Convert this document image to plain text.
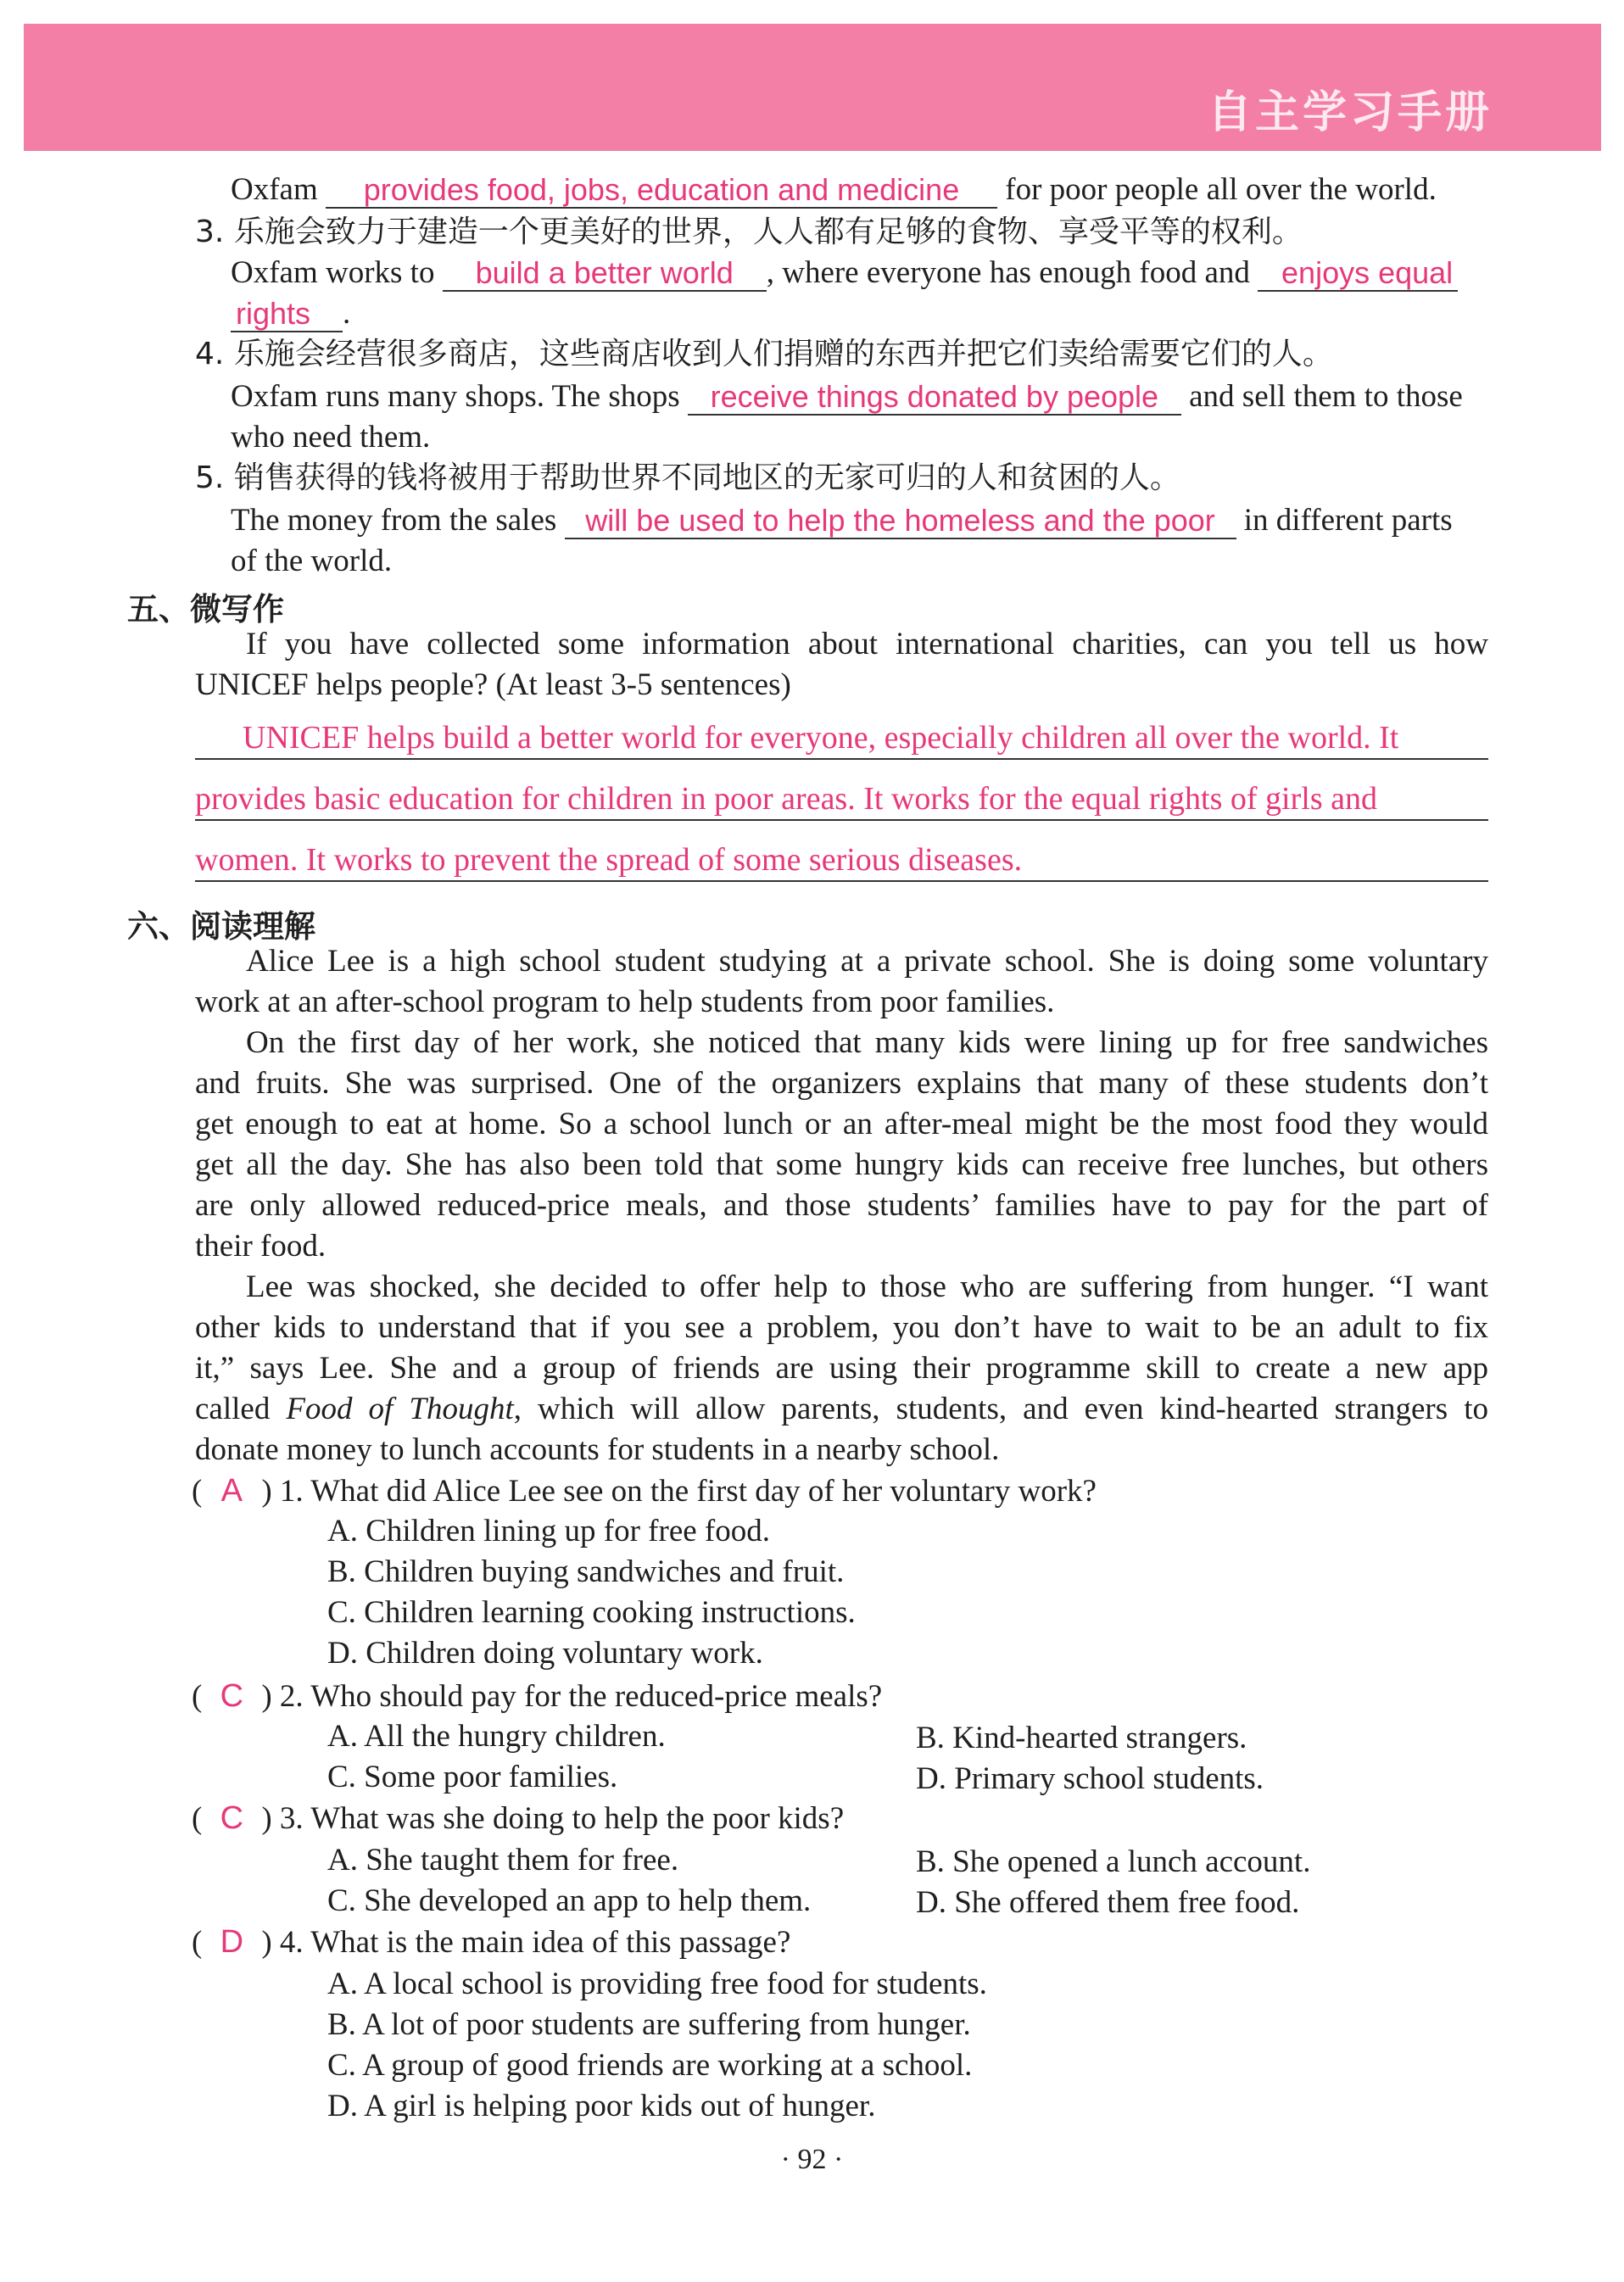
自主学习手册
Oxfam provides food, jobs, education and medicine for poor people all over the world.
3. 乐施会致力于建造一个更美好的世界，人人都有足够的食物、享受平等的权利。
Oxfam works to build a better world , where everyone has enough food and enjoys equal
rights .
4. 乐施会经营很多商店，这些商店收到人们捐赠的东西并把它们卖给需要它们的人。
Oxfam runs many shops. The shops receive things donated by people and sell them to those
who need them.
5. 销售获得的钱将被用于帮助世界不同地区的无家可归的人和贫困的人。
The money from the sales will be used to help the homeless and the poor in different parts
of the world.
五、微写作
If you have collected some information about international charities, can you tell us how
UNICEF helps people? (At least 3-5 sentences)
UNICEF helps build a better world for everyone, especially children all over the world. It
provides basic education for children in poor areas. It works for the equal rights of girls and
women. It works to prevent the spread of some serious diseases.
六、阅读理解
Alice Lee is a high school student studying at a private school. She is doing some voluntary
work at an after-school program to help students from poor families.
On the first day of her work, she noticed that many kids were lining up for free sandwiches
and fruits. She was surprised. One of the organizers explains that many of these students don’t
get enough to eat at home. So a school lunch or an after-meal might be the most food they would
get all the day. She has also been told that some hungry kids can receive free lunches, but others
are only allowed reduced-price meals, and those students’ families have to pay for the part of
their food.
Lee was shocked, she decided to offer help to those who are suffering from hunger. “I want
other kids to understand that if you see a problem, you don’t have to wait to be an adult to fix
it,” says Lee. She and a group of friends are using their programme skill to create a new app
called Food of Thought, which will allow parents, students, and even kind-hearted strangers to
donate money to lunch accounts for students in a nearby school.
( A ) 1. What did Alice Lee see on the first day of her voluntary work?
A. Children lining up for free food.
B. Children buying sandwiches and fruit.
C. Children learning cooking instructions.
D. Children doing voluntary work.
( C ) 2. Who should pay for the reduced-price meals?
A. All the hungry children.	B. Kind-hearted strangers.
C. Some poor families.	D. Primary school students.
( C ) 3. What was she doing to help the poor kids?
A. She taught them for free.	B. She opened a lunch account.
C. She developed an app to help them.	D. She offered them free food.
( D ) 4. What is the main idea of this passage?
A. A local school is providing free food for students.
B. A lot of poor students are suffering from hunger.
C. A group of good friends are working at a school.
D. A girl is helping poor kids out of hunger.
· 92 ·
